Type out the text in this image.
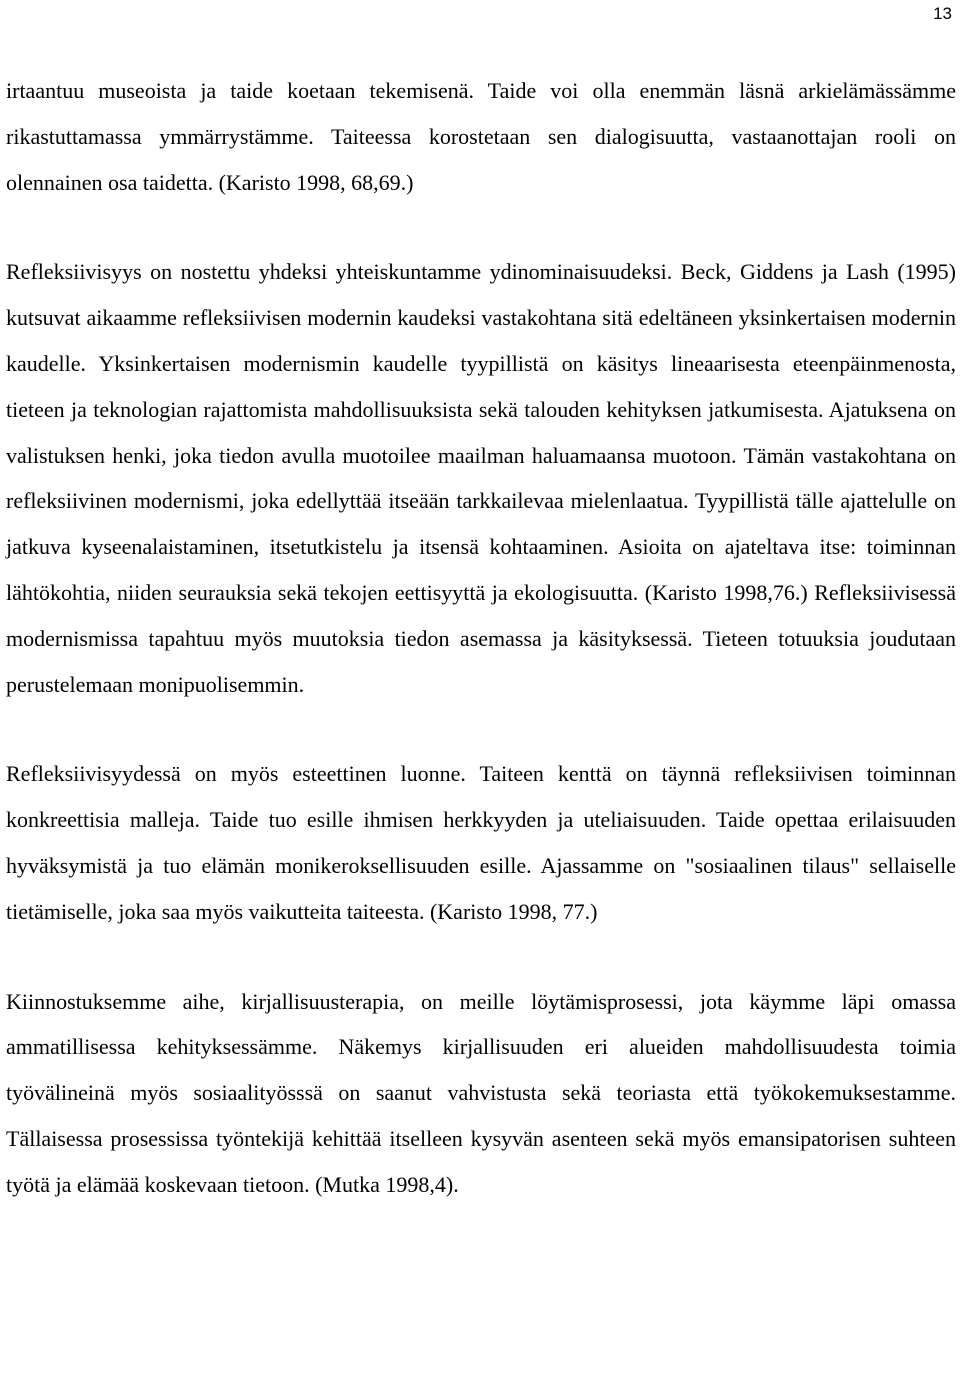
13

irtaantuu museoista ja taide koetaan tekemisenä. Taide voi olla enemmän läsnä arkielämässämme rikastuttamassa ymmärrystämme. Taiteessa korostetaan sen dialogisuutta, vastaanottajan rooli on olennainen osa taidetta. (Karisto 1998, 68,69.)

Refleksiivisyys on nostettu yhdeksi yhteiskuntamme ydinominaisuudeksi. Beck, Giddens ja Lash (1995) kutsuvat aikaamme refleksiivisen modernin kaudeksi vastakohtana sitä edeltäneen yksinkertaisen modernin kaudelle. Yksinkertaisen modernismin kaudelle tyypillistä on käsitys lineaarisesta eteenpäinmenosta, tieteen ja teknologian rajattomista mahdollisuuksista sekä talouden kehityksen jatkumisesta. Ajatuksena on valistuksen henki, joka tiedon avulla muotoilee maailman haluamaansa muotoon. Tämän vastakohtana on refleksiivinen modernismi, joka edellyttää itseään tarkkailevaa mielenlaatua. Tyypillistä tälle ajattelulle on jatkuva kyseenalaistaminen, itsetutkistelu ja itsensä kohtaaminen. Asioita on ajateltava itse: toiminnan lähtökohtia, niiden seurauksia sekä tekojen eettisyyttä ja ekologisuutta. (Karisto 1998,76.) Refleksiivisessä modernismissa tapahtuu myös muutoksia tiedon asemassa ja käsityksessä. Tieteen totuuksia joudutaan perustelemaan monipuolisemmin.

Refleksiivisyydessä on myös esteettinen luonne. Taiteen kenttä on täynnä refleksiivisen toiminnan konkreettisia malleja. Taide tuo esille ihmisen herkkyyden ja uteliaisuuden. Taide opettaa erilaisuuden hyväksymistä ja tuo elämän monikeroksellisuuden esille. Ajassamme on "sosiaalinen tilaus" sellaiselle tietämiselle, joka saa myös vaikutteita taiteesta. (Karisto 1998, 77.)

Kiinnostuksemme aihe, kirjallisuusterapia, on meille löytämisprosessi, jota käymme läpi omassa ammatillisessa kehityksessämme. Näkemys kirjallisuuden eri alueiden mahdollisuudesta toimia työvälineinä myös sosiaalityösssä on saanut vahvistusta sekä teoriasta että työkokemuksestamme. Tällaisessa prosessissa työntekijä kehittää itselleen kysyvän asenteen sekä myös emansipatorisen suhteen työtä ja elämää koskevaan tietoon. (Mutka 1998,4).
